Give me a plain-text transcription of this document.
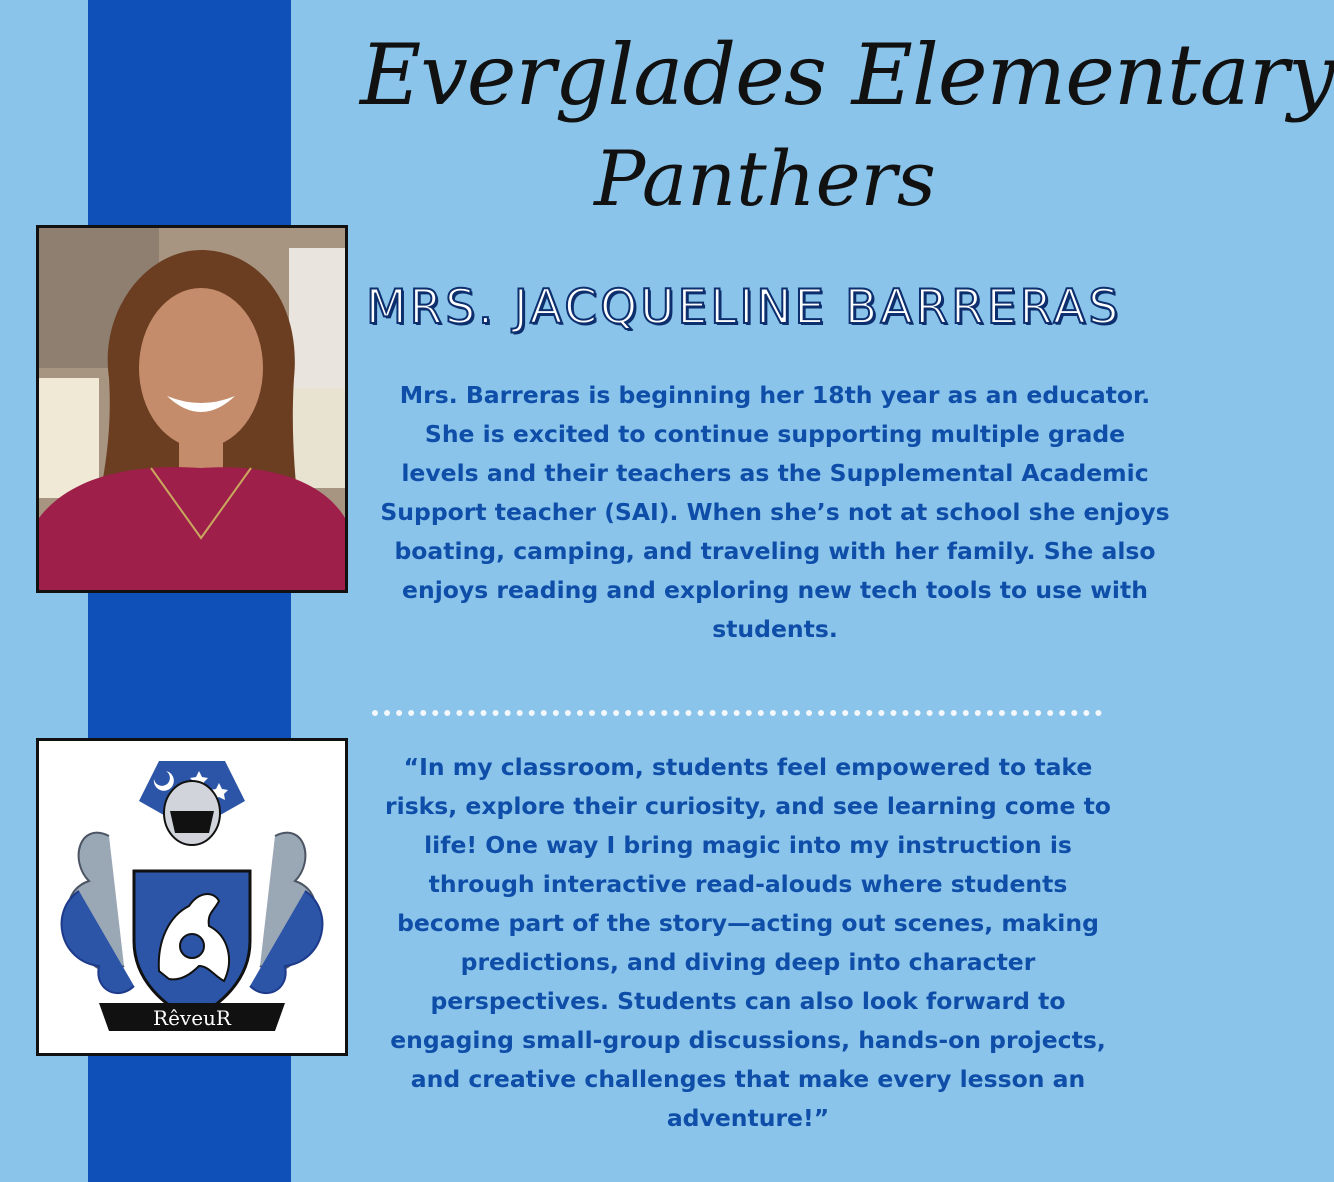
Everglades Elementary
Panthers
MRS. JACQUELINE BARRERAS
Mrs. Barreras is beginning her 18th year as an educator.
She is excited to continue supporting multiple grade
levels and their teachers as the Supplemental Academic
Support teacher (SAI). When she’s not at school she enjoys
boating, camping, and traveling with her family. She also
enjoys reading and exploring new tech tools to use with
students.
RêveuR
“In my classroom, students feel empowered to take
risks, explore their curiosity, and see learning come to
life! One way I bring magic into my instruction is
through interactive read-alouds where students
become part of the story—acting out scenes, making
predictions, and diving deep into character
perspectives. Students can also look forward to
engaging small-group discussions, hands-on projects,
and creative challenges that make every lesson an
adventure!”
